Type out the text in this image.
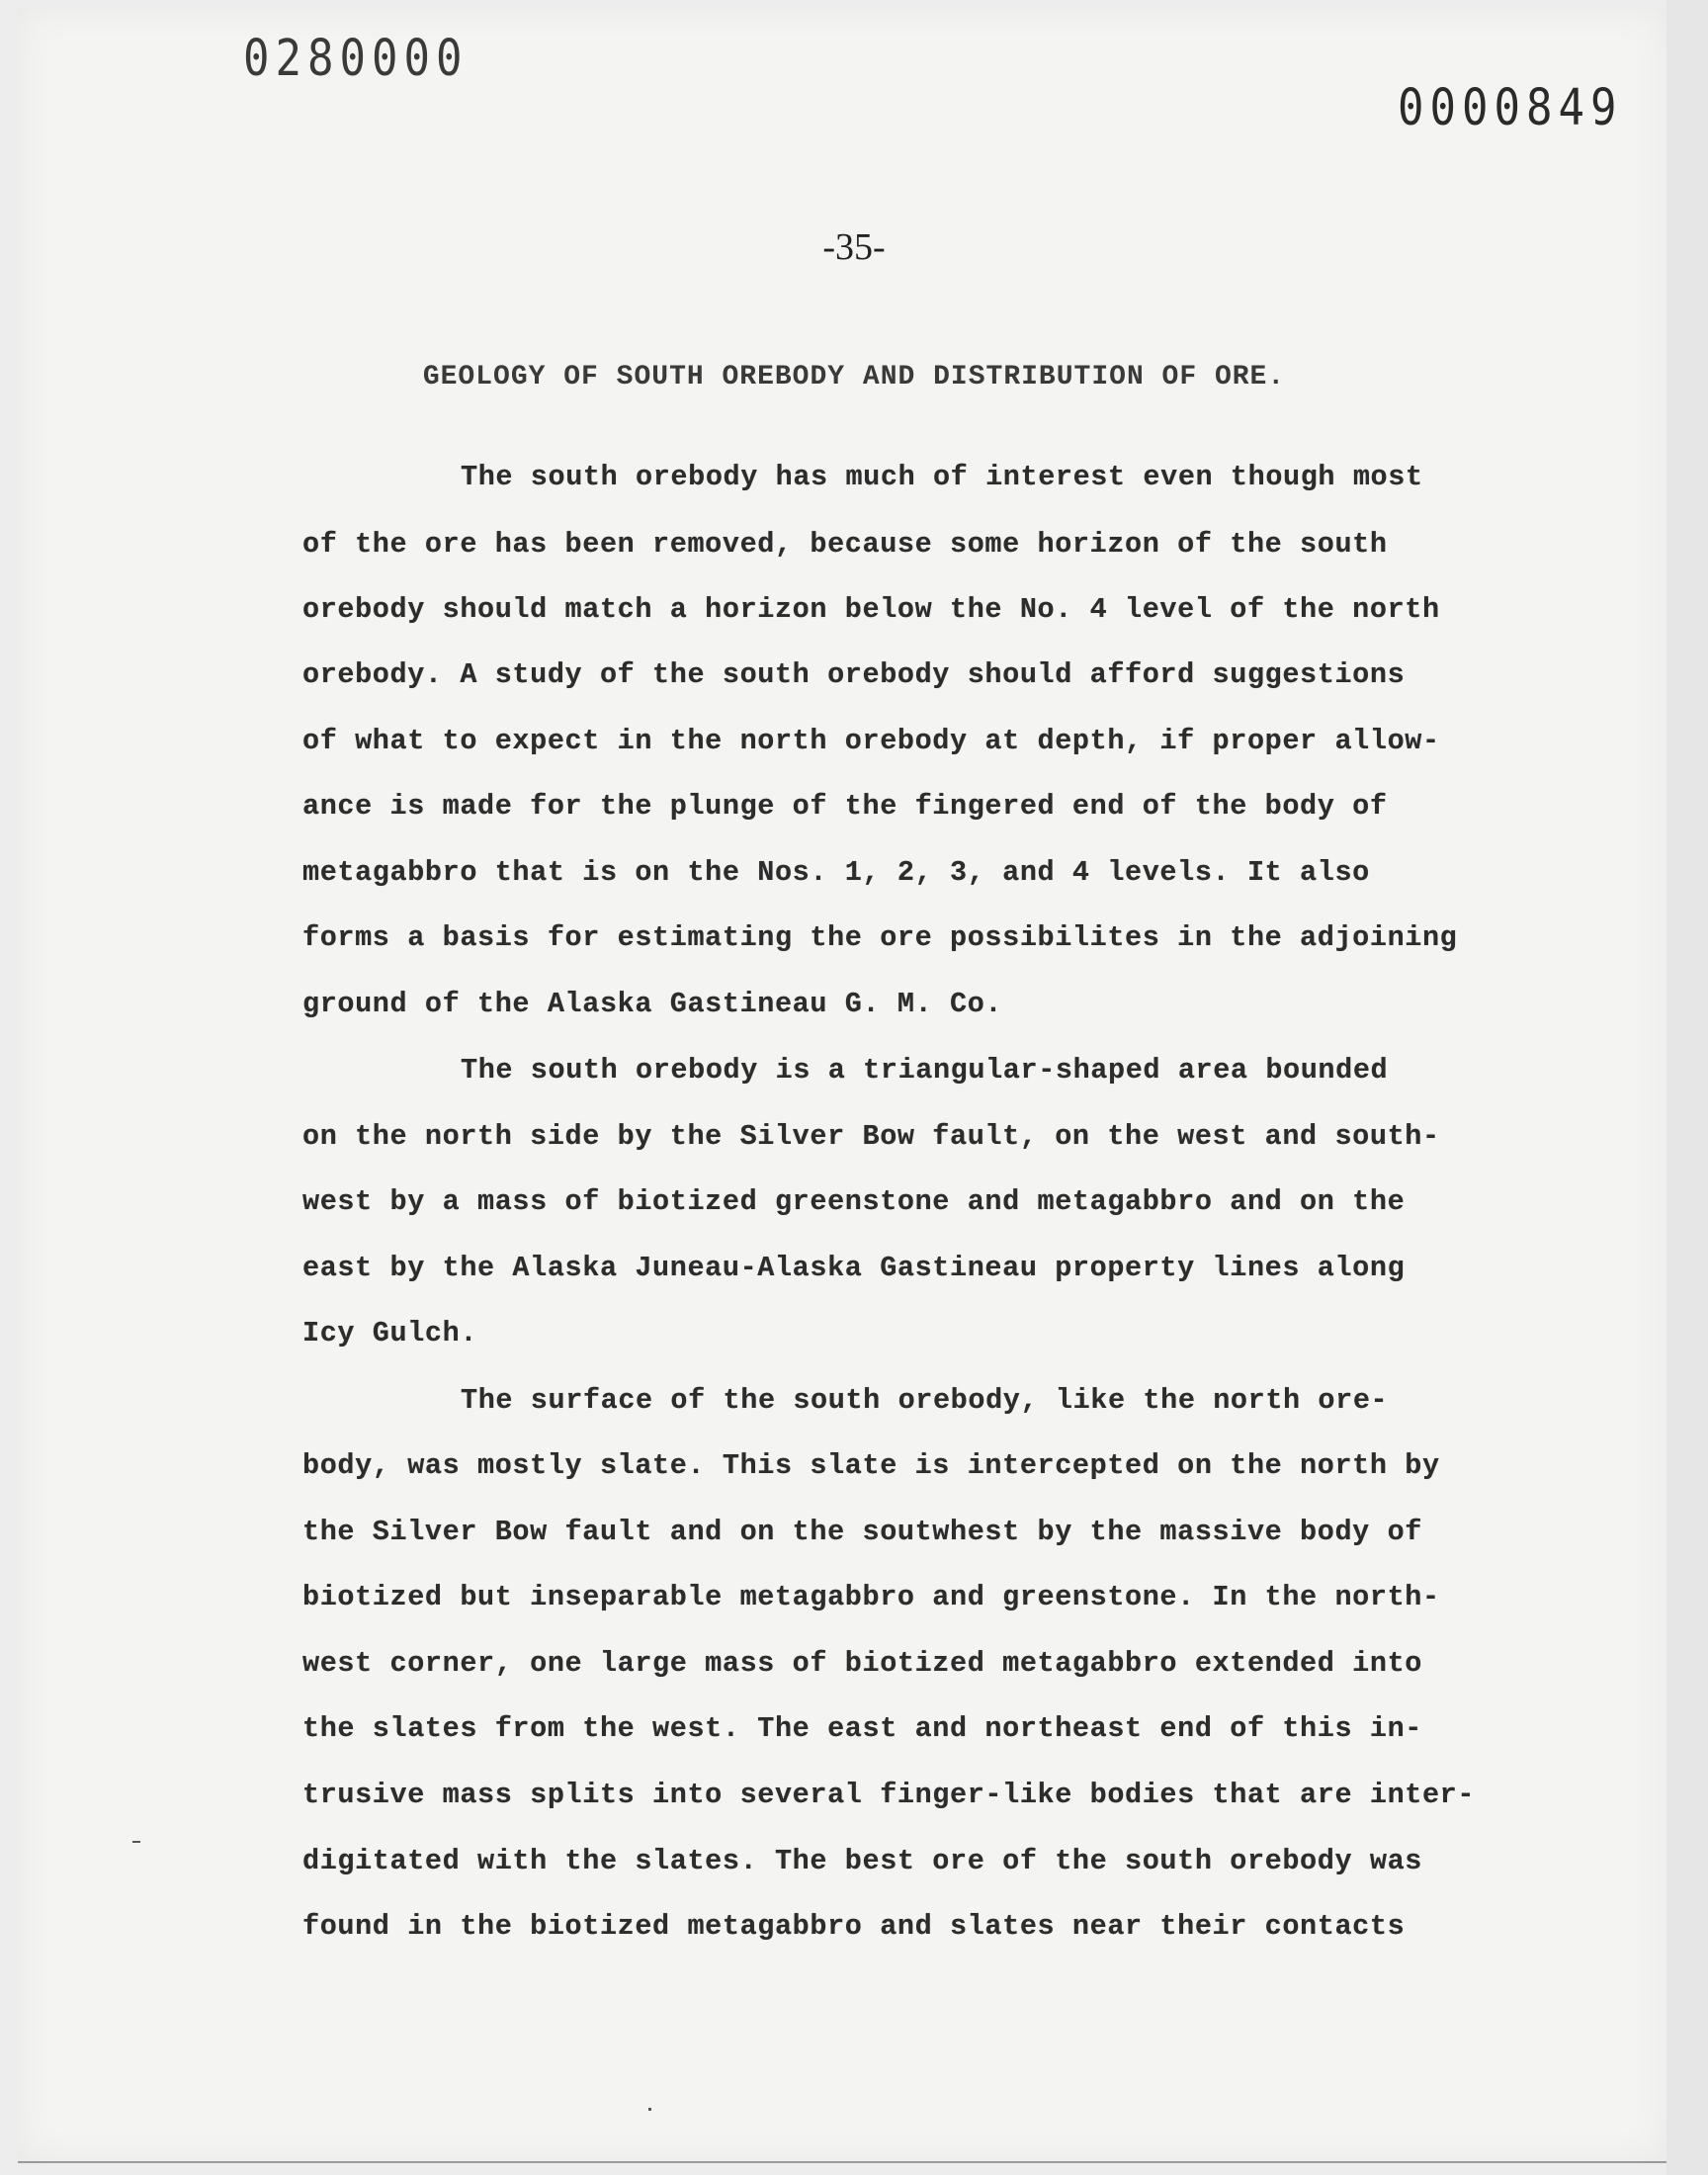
0280000
0000849
-35-
GEOLOGY OF SOUTH OREBODY AND DISTRIBUTION OF ORE.
The south orebody has much of interest even though most
of the ore has been removed, because some horizon of the south
orebody should match a horizon below the No. 4 level of the north
orebody. A study of the south orebody should afford suggestions
of what to expect in the north orebody at depth, if proper allow-
ance is made for the plunge of the fingered end of the body of
metagabbro that is on the Nos. 1, 2, 3, and 4 levels. It also
forms a basis for estimating the ore possibilites in the adjoining
ground of the Alaska Gastineau G. M. Co.
The south orebody is a triangular-shaped area bounded
on the north side by the Silver Bow fault, on the west and south-
west by a mass of biotized greenstone and metagabbro and on the
east by the Alaska Juneau-Alaska Gastineau property lines along
Icy Gulch.
The surface of the south orebody, like the north ore-
body, was mostly slate. This slate is intercepted on the north by
the Silver Bow fault and on the soutwhest by the massive body of
biotized but inseparable metagabbro and greenstone. In the north-
west corner, one large mass of biotized metagabbro extended into
the slates from the west. The east and northeast end of this in-
trusive mass splits into several finger-like bodies that are inter-
digitated with the slates. The best ore of the south orebody was
found in the biotized metagabbro and slates near their contacts
